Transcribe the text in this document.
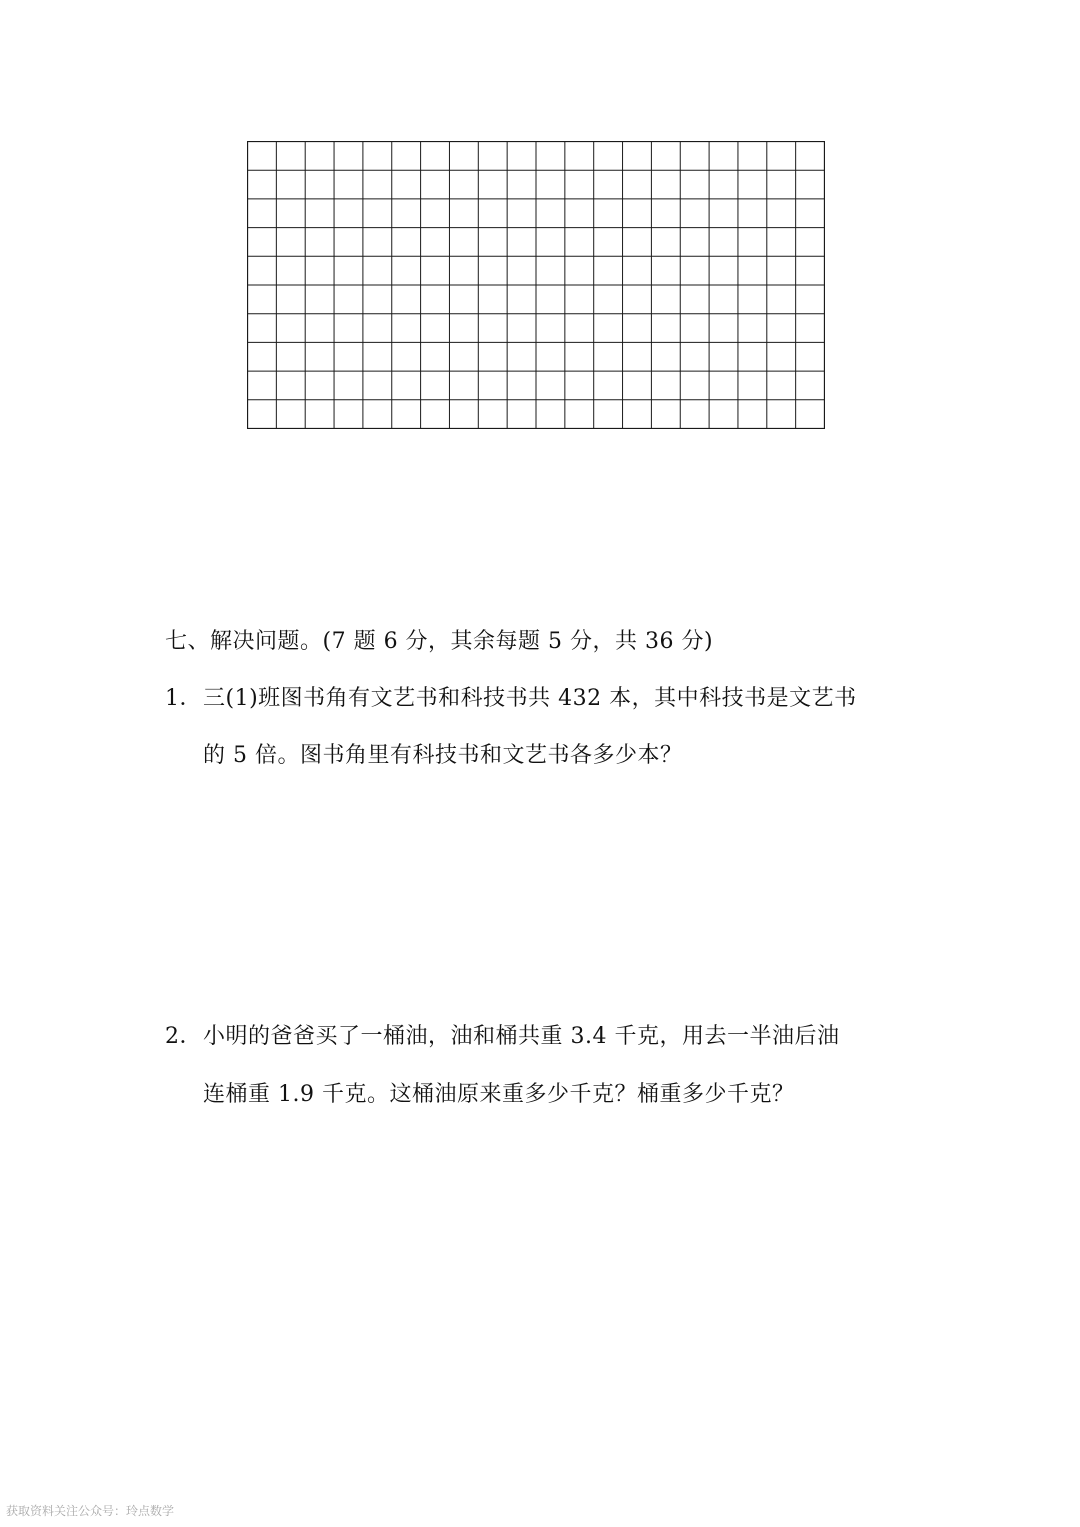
七、解决问题。(7 题 6 分，其余每题 5 分，共 36 分)

1． 三(1)班图书角有文艺书和科技书共 432 本，其中科技书是文艺书

的 5 倍。图书角里有科技书和文艺书各多少本？

2． 小明的爸爸买了一桶油，油和桶共重 3.4 千克，用去一半油后油

连桶重 1.9 千克。这桶油原来重多少千克？桶重多少千克？

获取资料关注公众号：玲点数学
